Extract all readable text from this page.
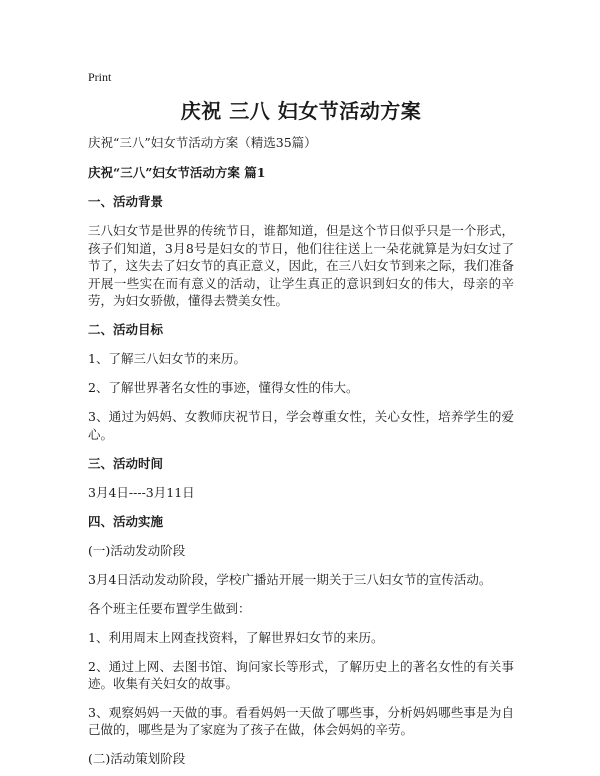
Print
庆祝 三八 妇女节活动方案

庆祝“三八”妇女节活动方案（精选35篇）

庆祝“三八”妇女节活动方案 篇1
一、活动背景

三八妇女节是世界的传统节日，谁都知道，但是这个节日似乎只是一个形式，孩子们知道，3月8号是妇女的节日，他们往往送上一朵花就算是为妇女过了节了，这失去了妇女节的真正意义，因此，在三八妇女节到来之际，我们准备开展一些实在而有意义的活动，让学生真正的意识到妇女的伟大，母亲的辛劳，为妇女骄傲，懂得去赞美女性。

二、活动目标

1、了解三八妇女节的来历。

2、了解世界著名女性的事迹，懂得女性的伟大。

3、通过为妈妈、女教师庆祝节日，学会尊重女性，关心女性，培养学生的爱心。

三、活动时间

3月4日----3月11日

四、活动实施

(一)活动发动阶段

3月4日活动发动阶段，学校广播站开展一期关于三八妇女节的宣传活动。

各个班主任要布置学生做到：

1、利用周末上网查找资料，了解世界妇女节的来历。

2、通过上网、去图书馆、询问家长等形式，了解历史上的著名女性的有关事迹。收集有关妇女的故事。

3、观察妈妈一天做的事。看看妈妈一天做了哪些事，分析妈妈哪些事是为自己做的，哪些是为了家庭为了孩子在做，体会妈妈的辛劳。

(二)活动策划阶段
